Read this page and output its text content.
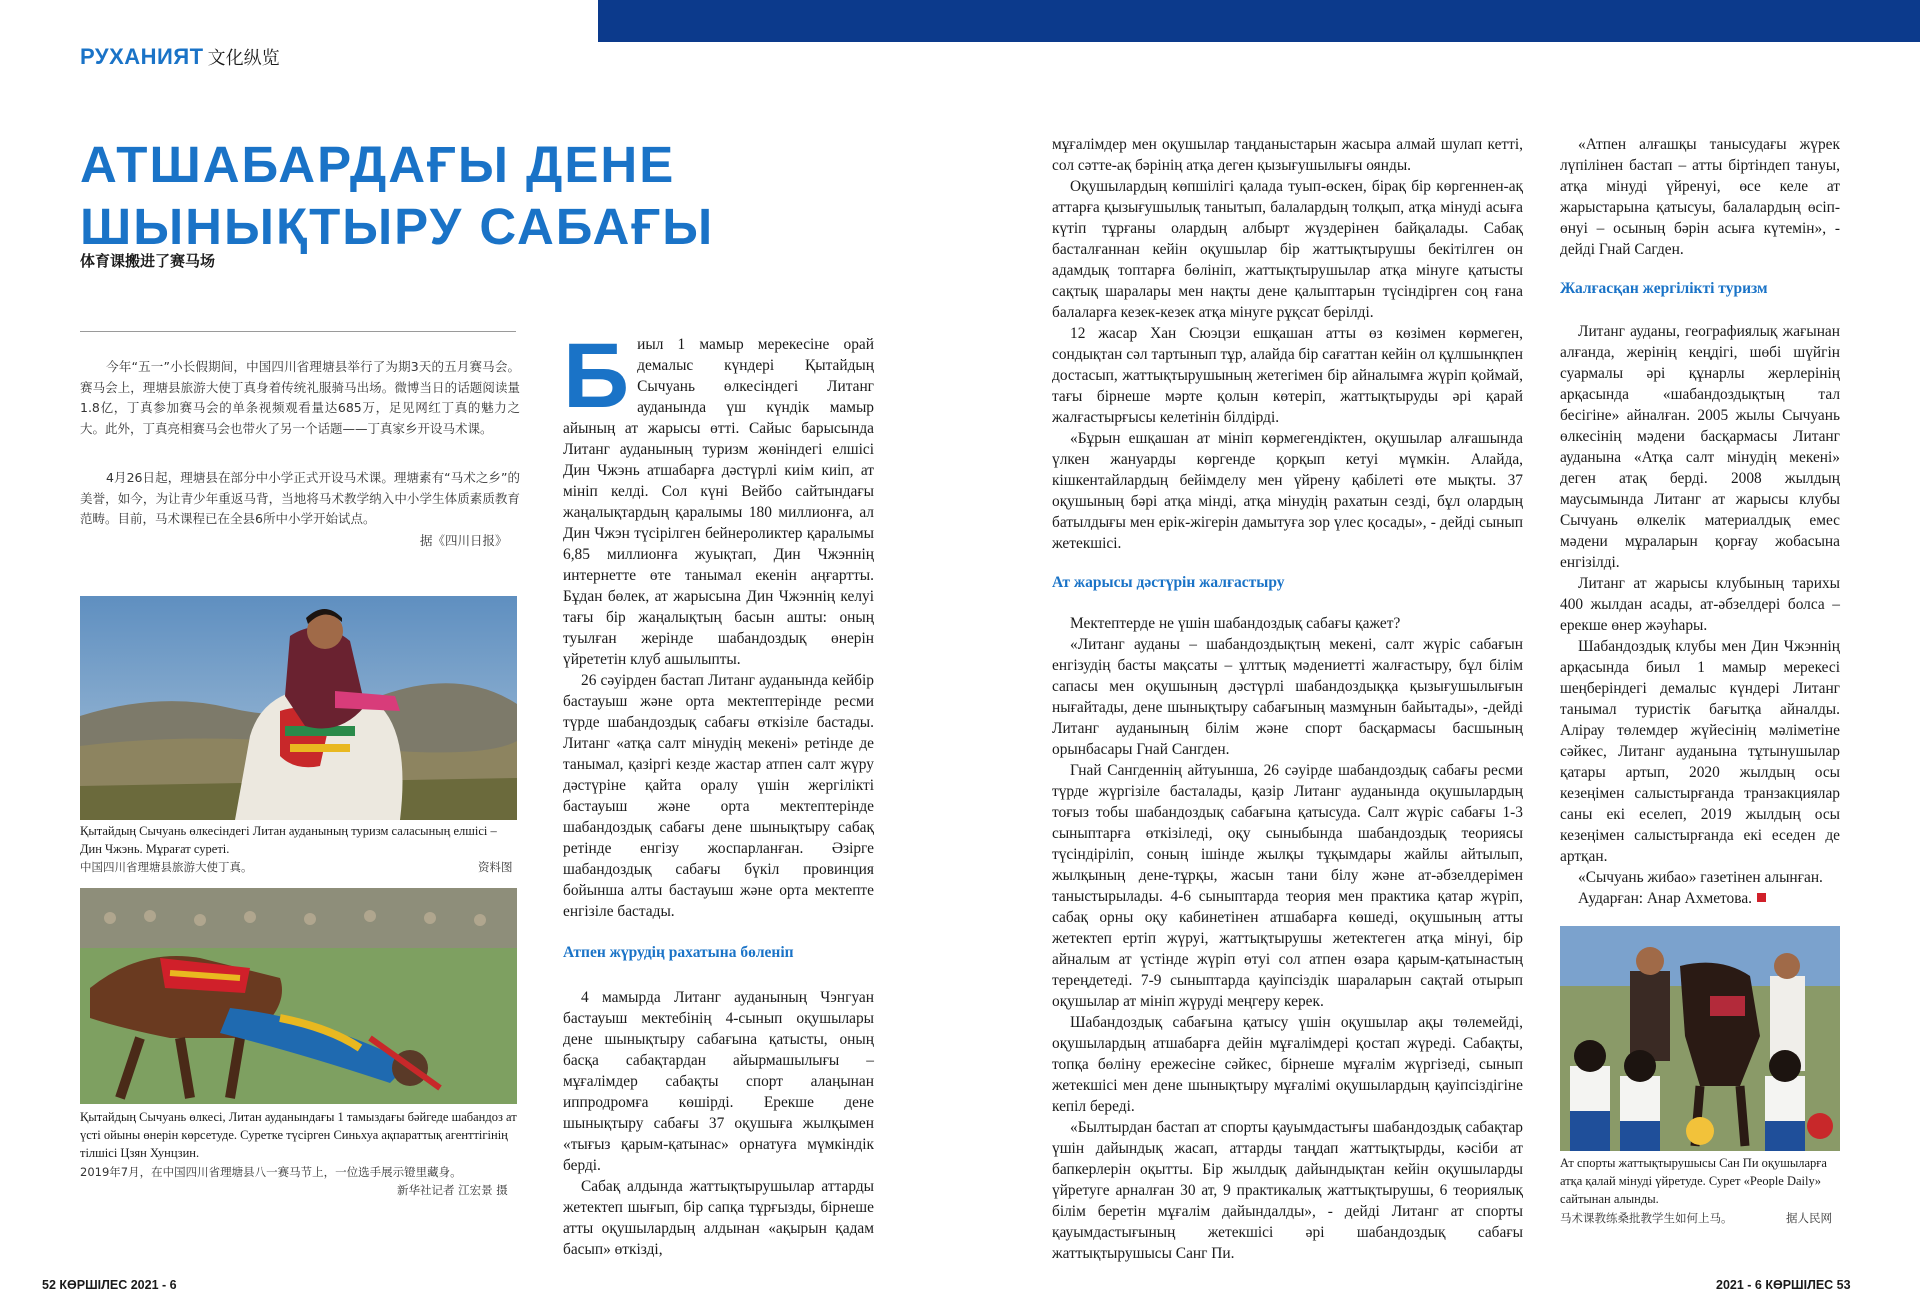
РУХАНИЯТ 文化纵览
АТШАБАРДАҒЫ ДЕНЕ ШЫНЫҚТЫРУ САБАҒЫ
体育课搬进了赛马场

今年“五一”小长假期间，中国四川省理塘县举行了为期3天的五月赛马会。赛马会上，理塘县旅游大使丁真身着传统礼服骑马出场。微博当日的话题阅读量1.8亿，丁真参加赛马会的单条视频观看量达685万，足见网红丁真的魅力之大。此外，丁真亮相赛马会也带火了另一个话题——丁真家乡开设马术课。

4月26日起，理塘县在部分中小学正式开设马术课。理塘素有“马术之乡”的美誉，如今，为让青少年重返马背，当地将马术教学纳入中小学生体质素质教育范畴。目前，马术课程已在全县6所中小学开始试点。

据《四川日报》

Қытайдың Сычуань өлкесіндегі Литан ауданының туризм саласының елшісі – Дин Чжэнь. Мұрағат суреті.

中国四川省理塘县旅游大使丁真。	资料图

Қытайдың Сычуань өлкесі, Литан ауданындағы 1 тамыздағы бәйгеде шабандоз ат үсті ойыны өнерін көрсетуде. Суретке түсірген Синьхуа ақпараттық агенттігінің тілшісі Цзян Хунцзин.

2019年7月，在中国四川省理塘县八一赛马节上，一位选手展示镫里藏身。

新华社记者 江宏景 摄

Б иыл 1 мамыр мерекесіне орай демалыс күндері Қытайдың Сычуань өлкесіндегі Литанг ауданында үш күндік мамыр айының ат жарысы өтті. Сайыс барысында Литанг ауданының туризм жөніндегі елшісі Дин Чжэнь атшабарға дәстүрлі киім киіп, ат мініп келді. Сол күні Вейбо сайтындағы жаңалықтардың қаралымы 180 миллионға, ал Дин Чжэн түсірілген бейнероликтер қаралымы 6,85 миллионға жуықтап, Дин Чжэннің интернетте өте танымал екенін аңғартты. Бұдан бөлек, ат жарысына Дин Чжэннің келуі тағы бір жаңалықтың басын ашты: оның туылған жерінде шабандоздық өнерін үйрететін клуб ашылыпты.

26 сәуірден бастап Литанг ауданында кейбір бастауыш және орта мектептерінде ресми түрде шабандоздық сабағы өткізіле бастады. Литанг «атқа салт мінудің мекені» ретінде де танымал, қазіргі кезде жастар атпен салт жүру дәстүріне қайта оралу үшін жергілікті бастауыш және орта мектептерінде шабандоздық сабағы дене шынықтыру сабақ ретінде енгізу жоспарланған. Әзірге шабандоздық сабағы бүкіл провинция бойынша алты бастауыш және орта мектепте енгізіле бастады.

Атпен жүрудің рахатына бөленіп

4 мамырда Литанг ауданының Чэнгуан бастауыш мектебінің 4-сынып оқушылары дене шынықтыру сабағына қатысты, оның басқа сабақтардан айырмашылығы – мұғалімдер сабақты спорт алаңынан иппродромға көшірді. Ерекше дене шынықтыру сабағы 37 оқушыға жылқымен «тығыз қарым-қатынас» орнатуға мүмкіндік берді.

Сабақ алдында жаттықтырушылар аттарды жетектеп шығып, бір сапқа тұрғызды, бірнеше атты оқушылардың алдынан «ақырын қадам басып» өткізді,

мұғалімдер мен оқушылар таңданыстарын жасыра алмай шулап кетті, сол сәтте-ақ бәрінің атқа деген қызығушылығы оянды.

Оқушылардың көпшілігі қалада туып-өскен, бірақ бір көргеннен-ақ аттарға қызығушылық танытып, балалардың толқып, атқа мінуді асыға күтіп тұрғаны олардың албырт жүздерінен байқалады. Сабақ басталғаннан кейін оқушылар бір жаттықтырушы бекітілген он адамдық топтарға бөлініп, жаттықтырушылар атқа мінуге қатысты сақтық шаралары мен нақты дене қалыптарын түсіндірген соң ғана балаларға кезек-кезек атқа мінуге рұқсат берілді.

12 жасар Хан Сюэцзи ешқашан атты өз көзімен көрмеген, сондықтан сәл тартынып тұр, алайда бір сағаттан кейін ол құлшынқпен достасып, жаттықтырушының жетегімен бір айналымға жүріп қоймай, тағы бірнеше мәрте қолын көтеріп, жаттықтыруды әрі қарай жалғастырғысы келетінін білдірді.

«Бұрын ешқашан ат мініп көрмегендіктен, оқушылар алғашында үлкен жануарды көргенде қорқып кетуі мүмкін. Алайда, кішкентайлардың бейімделу мен үйрену қабілеті өте мықты. 37 оқушының бәрі атқа мінді, атқа мінудің рахатын сезді, бұл олардың батылдығы мен ерік-жігерін дамытуға зор үлес қосады», - дейді сынып жетекшісі.

Ат жарысы дәстүрін жалғастыру

Мектептерде не үшін шабандоздық сабағы қажет?

«Литанг ауданы – шабандоздықтың мекені, салт жүріс сабағын енгізудің басты мақсаты – ұлттық мәдениетті жалғастыру, бұл білім сапасы мен оқушының дәстүрлі шабандоздыққа қызығушылығын нығайтады, дене шынықтыру сабағының мазмұнын байытады», -дейді Литанг ауданының білім және спорт басқармасы басшының орынбасары Гнай Сангден.

Гнай Сангденнің айтуынша, 26 сәуірде шабандоздық сабағы ресми түрде жүргізіле басталады, қазір Литанг ауданында оқушылардың тоғыз тобы шабандоздық сабағына қатысуда. Салт жүріс сабағы 1-3 сыныптарға өткізіледі, оқу сыныбында шабандоздық теориясы түсіндіріліп, соның ішінде жылқы тұқымдары жайлы айтылып, жылқының дене-тұрқы, жасын тани білу және ат-әбзелдерімен таныстырылады. 4-6 сыныптарда теория мен практика қатар жүріп, сабақ орны оқу кабинетінен атшабарға көшеді, оқушының атты жетектеп ертіп жүруі, жаттықтырушы жетектеген атқа мінуі, бір айналым ат үстінде жүріп өтуі сол атпен өзара қарым-қатынастың тереңдетеді. 7-9 сыныптарда қауіпсіздік шараларын сақтай отырып оқушылар ат мініп жүруді меңгеру керек.

Шабандоздық сабағына қатысу үшін оқушылар ақы төлемейді, оқушылардың атшабарға дейін мұғалімдері қостап жүреді. Сабақты, топқа бөліну ережесіне сәйкес, бірнеше мұғалім жүргізеді, сынып жетекшісі мен дене шынықтыру мұғалімі оқушылардың қауіпсіздігіне кепіл береді.

«Былтырдан бастап ат спорты қауымдастығы шабандоздық сабақтар үшін дайындық жасап, аттарды таңдап жаттықтырды, кәсіби ат бапкерлерін оқытты. Бір жылдық дайындықтан кейін оқушыларды үйретуге арналған 30 ат, 9 практикалық жаттықтырушы, 6 теориялық білім беретін мұғалім дайындалды», - дейді Литанг ат спорты қауымдастығының жетекшісі әрі шабандоздық сабағы жаттықтырушысы Санг Пи.

«Атпен алғашқы танысудағы жүрек лүпілінен бастап – атты біртіндеп тануы, атқа мінуді үйренуі, өсе келе ат жарыстарына қатысуы, балалардың өсіп-өнуі – осының бәрін асыға күтемін», - дейді Гнай Сагден.

Жалғасқан жергілікті туризм

Литанг ауданы, географиялық жағынан алғанда, жерінің кеңдігі, шөбі шүйгін суармалы әрі құнарлы жерлерінің арқасында «шабандоздықтың тал бесігіне» айналған. 2005 жылы Сычуань өлкесінің мәдени басқармасы Литанг ауданына «Атқа салт мінудің мекені» деген атақ берді. 2008 жылдың маусымында Литанг ат жарысы клубы Сычуань өлкелік материалдық емес мәдени мұраларын қорғау жобасына енгізілді.

Литанг ат жарысы клубының тарихы 400 жылдан асады, ат-әбзелдері болса – ерекше өнер жәуһары.

Шабандоздық клубы мен Дин Чжэннің арқасында биыл 1 мамыр мерекесі шеңберіндегі демалыс күндері Литанг танымал туристік бағытқа айналды. Алірау төлемдер жүйесінің мәліметіне сәйкес, Литанг ауданына тұтынушылар қатары артып, 2020 жылдың осы кезеңімен салыстырғанда транзакциялар саны екі еселеп, 2019 жылдың осы кезеңімен салыстырғанда екі еседен де артқан.

«Сычуань жибао» газетінен алынған.

Аударған: Анар Ахметова.

Ат спорты жаттықтырушысы Сан Пи оқушыларға атқа қалай мінуді үйретуде. Сурет «People Daily» сайтынан алынды.

马术课教练桑批教学生如何上马。	据人民网

52 КӨРШІЛЕС 2021 - 6	2021 - 6 КӨРШІЛЕС 53
